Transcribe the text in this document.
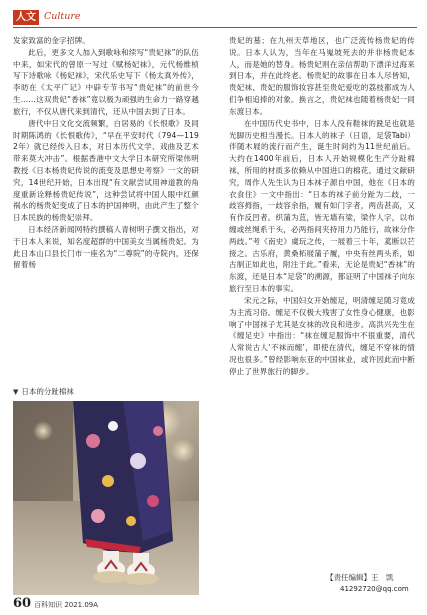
人文 Culture

发家致富的金字招牌。

此后，更多文人加入到歌咏和续写“贵妃袜”的队伍中来，如宋代的曾原一写过《赋杨妃袜》，元代杨维桢写下诗歌咏《杨妃袜》，宋代乐史写下《杨太真外传》，李昉在《太平广记》中辟专节书写“贵妃袜”的前世今生……这双贵妃“香袜”竟以极为顽强的生命力一路穿越旅行，不仅从唐代来到清代，还从中国去到了日本。

唐代中日文化交流频繁，白居易的《长恨歌》及同时期陈鸿的《长恨歌传》，“早在平安时代（794—1192年）就已经传入日本，对日本历代文学、戏曲及艺术带来莫大冲击”。根据香港中文大学日本研究所梁伟明教授《日本杨贵妃传说的流变及思想史考察》一文的研究，14世纪开始，日本出现“有文献尝试用神道教的角度重新诠释杨贵妃传说”，这种尝试将中国人眼中红颜祸水的杨贵妃变成了日本的护国神明，由此产生了整个日本民族的杨贵妃崇拜。

日本经济新闻网特约撰稿人青树明子撰文指出，对于日本人来说，知名度超群的中国美女当属杨贵妃。为此日本山口县长门市一座名为“二尊院”的寺院内，还保留着杨

▼ 日本的分趾棉袜

贵妃的墓；在九州天草地区，也广泛流传杨贵妃的传说。日本人认为，当年在马嵬坡死去的并非杨贵妃本人，而是她的替身。杨贵妃则在亲信帮助下漂洋过海来到日本，并在此终老。杨贵妃的故事在日本人尽皆知，贵妃袜、贵妃的服饰妆容甚至贵妃爱吃的荔枝都成为人们争相追捧的对象。换言之，贵妃袜也随着杨贵妃一同东渡日本。

在中国历代史书中，日本人没有鞋袜的跣足也就是光脚历史相当漫长。日本人的袜子（日语，足袋Tabi）伴随木屐的流行而产生，诞生时间约为11世纪前后。大约在1400年前后，日本人开始规模化生产分趾棉袜，所用的材质多依赖从中国进口的棉花。通过文献研究，周作人先生认为日本袜子源自中国，他在《日本的衣食住》一文中指出：“日本的袜子前分趾为二歧，一歧容拇指，一歧容余指，履有如门字者，两齿甚高，又有作反凹者。织蒲为苴，皆无墙有梁，梁作人字，以布缠或丝绳系于头，必两指间夹持用力乃能行，故袜分作两歧。”考《南史》虞玩之传，一屐着三十年，蒵断以芒接之。古乐府，黄桑柘屐蒲子履，中央有丝两头系，如古制正如此也，附注于此。”看来，无论是贵妃“香袜”的东渡，还是日本“足袋”的溯源，都证明了中国袜子向东旅行至日本的事实。

宋元之际，中国妇女开始缠足，明清缠足随习竟成为主流习俗。缠足不仅极大残害了女性身心健康，也影响了中国袜子尤其是女袜的改良和进步。高洪兴先生在《缠足史》中指出：“袜在缠足服饰中不很重要，清代人常说古人‘不袜而缠’，即使在清代，缠足不穿袜的情况也很多。”曾经影响东亚的中国袜业，或许因此而中断停止了世界旅行的脚步。

【责任编辑】王　凯
41292720@qq.com
60 百科知识 2021.09A
